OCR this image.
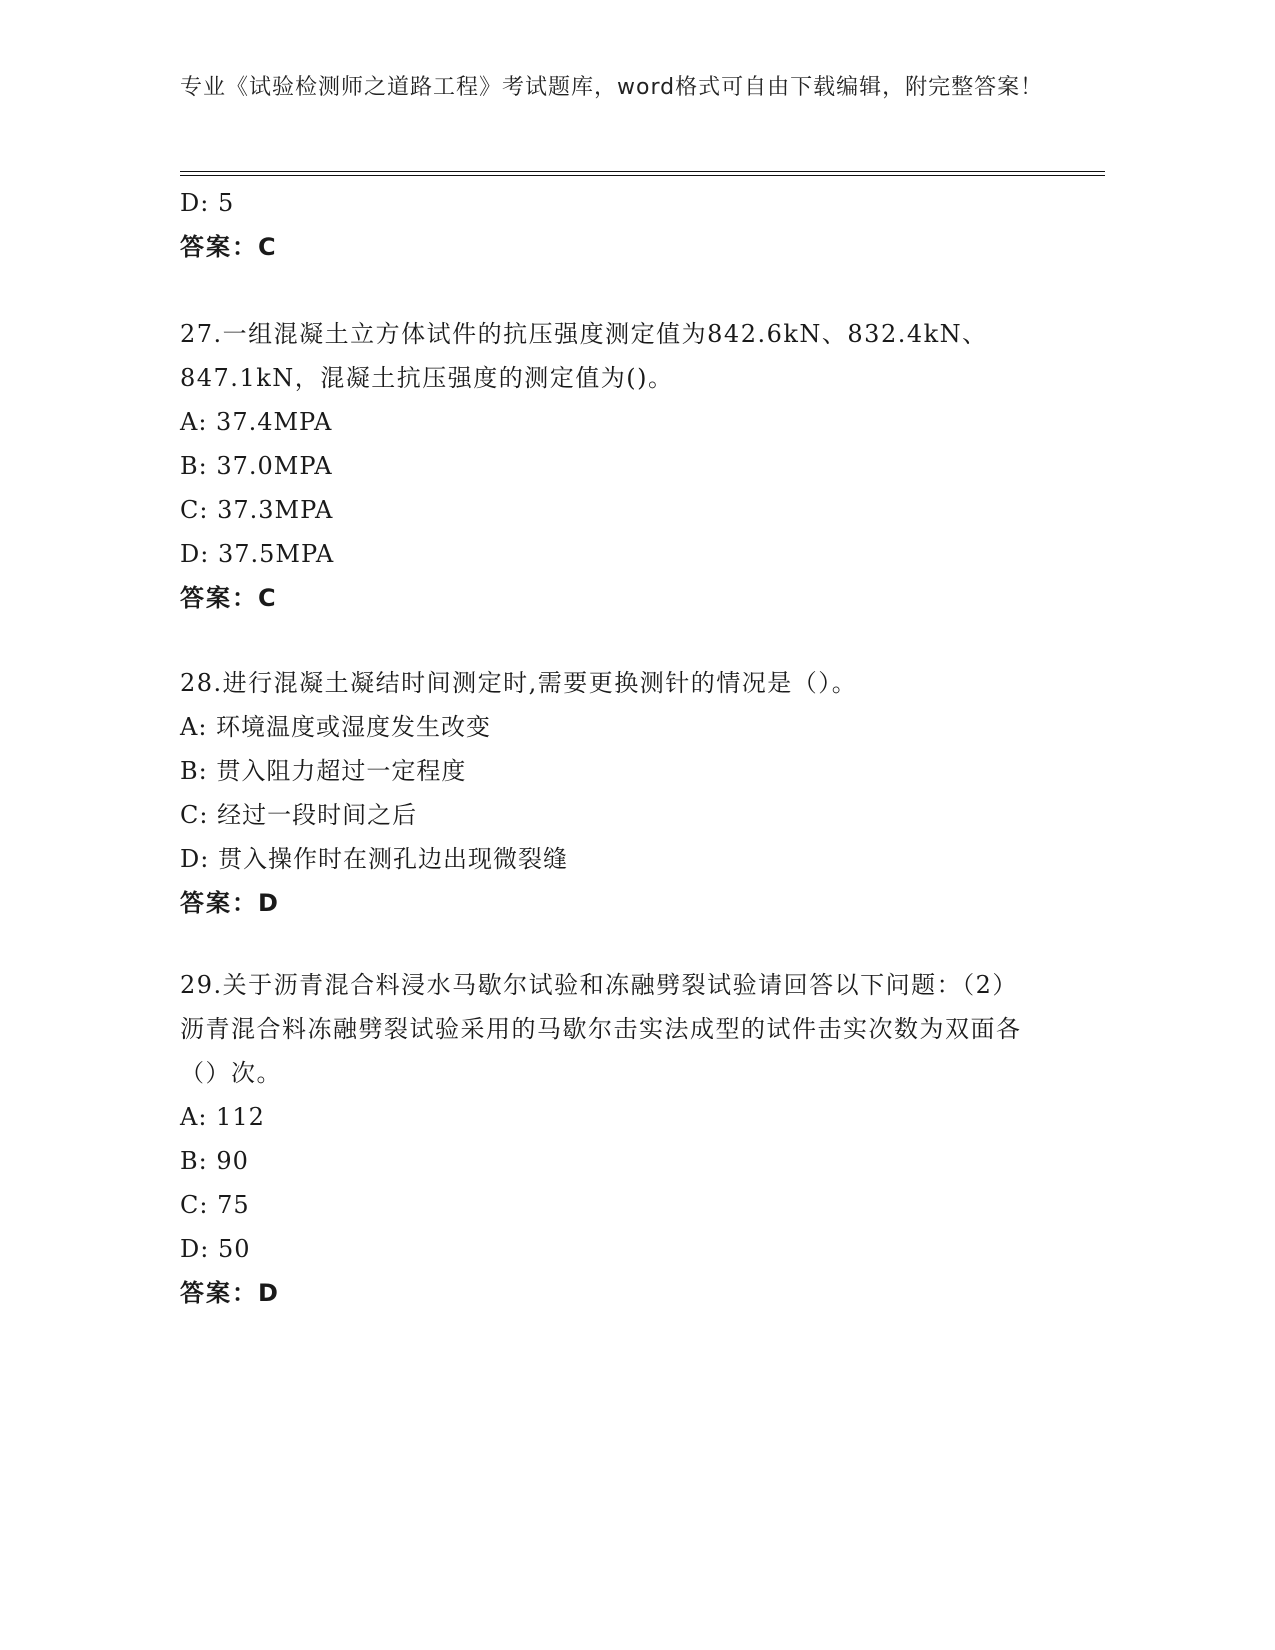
专业《试验检测师之道路工程》考试题库，word格式可自由下载编辑，附完整答案！
D: 5
答案：C
27.一组混凝土立方体试件的抗压强度测定值为842.6kN、832.4kN、847.1kN，混凝土抗压强度的测定值为()。
A: 37.4MPA
B: 37.0MPA
C: 37.3MPA
D: 37.5MPA
答案：C
28.进行混凝土凝结时间测定时,需要更换测针的情况是（）。
A: 环境温度或湿度发生改变
B: 贯入阻力超过一定程度
C: 经过一段时间之后
D: 贯入操作时在测孔边出现微裂缝
答案：D
29.关于沥青混合料浸水马歇尔试验和冻融劈裂试验请回答以下问题：（2）沥青混合料冻融劈裂试验采用的马歇尔击实法成型的试件击实次数为双面各（）次。
A: 112
B: 90
C: 75
D: 50
答案：D
